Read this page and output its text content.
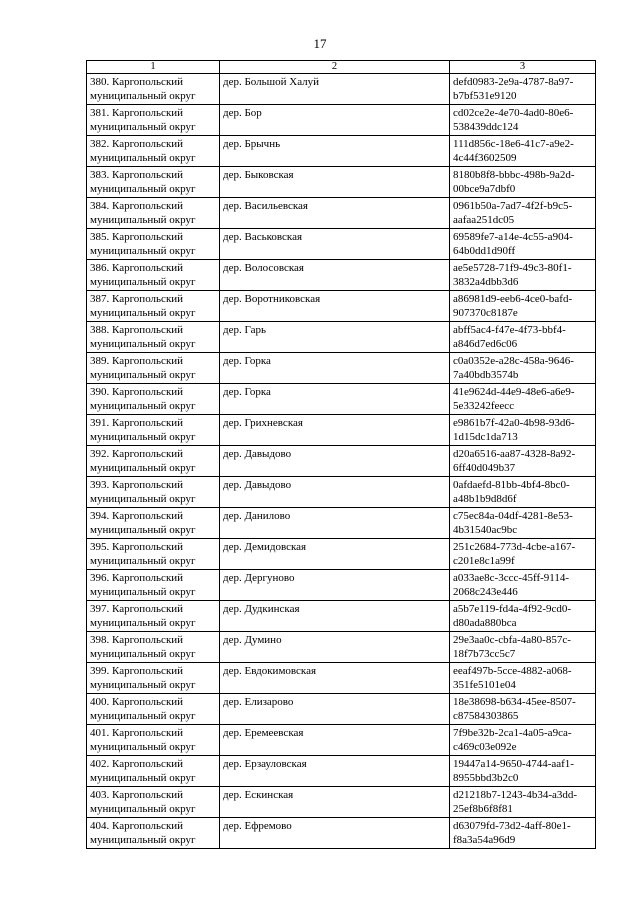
17
1	2	3
380. Каргопольский муниципальный округ	дер. Большой Халуй	defd0983-2e9a-4787-8a97-b7bf531e9120
381. Каргопольский муниципальный округ	дер. Бор	cd02ce2e-4e70-4ad0-80e6-538439ddc124
382. Каргопольский муниципальный округ	дер. Брычнь	111d856c-18e6-41c7-a9e2-4c44f3602509
383. Каргопольский муниципальный округ	дер. Быковская	8180b8f8-bbbc-498b-9a2d-00bce9a7dbf0
384. Каргопольский муниципальный округ	дер. Васильевская	0961b50a-7ad7-4f2f-b9c5-aafaa251dc05
385. Каргопольский муниципальный округ	дер. Васьковская	69589fe7-a14e-4c55-a904-64b0dd1d90ff
386. Каргопольский муниципальный округ	дер. Волосовская	ae5e5728-71f9-49c3-80f1-3832a4dbb3d6
387. Каргопольский муниципальный округ	дер. Воротниковская	a86981d9-eeb6-4ce0-bafd-907370c8187e
388. Каргопольский муниципальный округ	дер. Гарь	abff5ac4-f47e-4f73-bbf4-a846d7ed6c06
389. Каргопольский муниципальный округ	дер. Горка	c0a0352e-a28c-458a-9646-7a40bdb3574b
390. Каргопольский муниципальный округ	дер. Горка	41e9624d-44e9-48e6-a6e9-5e33242feecc
391. Каргопольский муниципальный округ	дер. Грихневская	e9861b7f-42a0-4b98-93d6-1d15dc1da713
392. Каргопольский муниципальный округ	дер. Давыдово	d20a6516-aa87-4328-8a92-6ff40d049b37
393. Каргопольский муниципальный округ	дер. Давыдово	0afdaefd-81bb-4bf4-8bc0-a48b1b9d8d6f
394. Каргопольский муниципальный округ	дер. Данилово	c75ec84a-04df-4281-8e53-4b31540ac9bc
395. Каргопольский муниципальный округ	дер. Демидовская	251c2684-773d-4cbe-a167-c201e8c1a99f
396. Каргопольский муниципальный округ	дер. Дергуново	a033ae8c-3ccc-45ff-9114-2068c243e446
397. Каргопольский муниципальный округ	дер. Дудкинская	a5b7e119-fd4a-4f92-9cd0-d80ada880bca
398. Каргопольский муниципальный округ	дер. Думино	29e3aa0c-cbfa-4a80-857c-18f7b73cc5c7
399. Каргопольский муниципальный округ	дер. Евдокимовская	eeaf497b-5cce-4882-a068-351fe5101e04
400. Каргопольский муниципальный округ	дер. Елизарово	18e38698-b634-45ee-8507-c87584303865
401. Каргопольский муниципальный округ	дер. Еремеевская	7f9be32b-2ca1-4a05-a9ca-c469c03e092e
402. Каргопольский муниципальный округ	дер. Ерзауловская	19447a14-9650-4744-aaf1-8955bbd3b2c0
403. Каргопольский муниципальный округ	дер. Ескинская	d21218b7-1243-4b34-a3dd-25ef8b6f8f81
404. Каргопольский муниципальный округ	дер. Ефремово	d63079fd-73d2-4aff-80e1-f8a3a54a96d9
